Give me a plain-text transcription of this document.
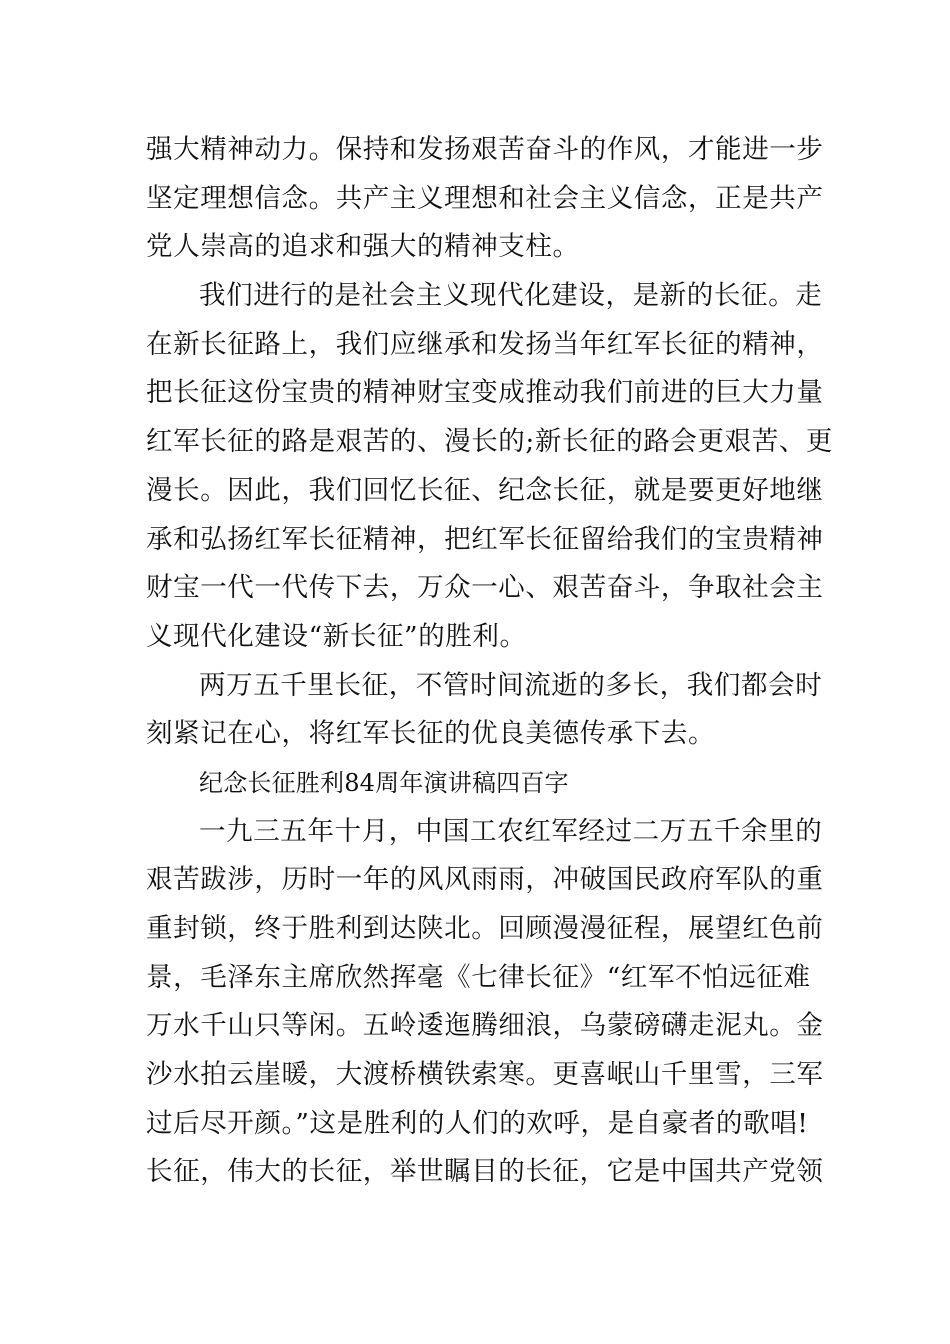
强大精神动力。保持和发扬艰苦奋斗的作风，才能进一步
坚定理想信念。共产主义理想和社会主义信念，正是共产
党人崇高的追求和强大的精神支柱。
我们进行的是社会主义现代化建设，是新的长征。走
在新长征路上，我们应继承和发扬当年红军长征的精神，
把长征这份宝贵的精神财宝变成推动我们前进的巨大力量
红军长征的路是艰苦的、漫长的;新长征的路会更艰苦、更
漫长。因此，我们回忆长征、纪念长征，就是要更好地继
承和弘扬红军长征精神，把红军长征留给我们的宝贵精神
财宝一代一代传下去，万众一心、艰苦奋斗，争取社会主
义现代化建设“新长征”的胜利。
两万五千里长征，不管时间流逝的多长，我们都会时
刻紧记在心，将红军长征的优良美德传承下去。
纪念长征胜利84周年演讲稿四百字
一九三五年十月，中国工农红军经过二万五千余里的
艰苦跋涉，历时一年的风风雨雨，冲破国民政府军队的重
重封锁，终于胜利到达陕北。回顾漫漫征程，展望红色前
景，毛泽东主席欣然挥毫《七律长征》“红军不怕远征难
万水千山只等闲。五岭逶迤腾细浪，乌蒙磅礴走泥丸。金
沙水拍云崖暖，大渡桥横铁索寒。更喜岷山千里雪，三军
过后尽开颜。”这是胜利的人们的欢呼，是自豪者的歌唱!
长征，伟大的长征，举世瞩目的长征，它是中国共产党领
